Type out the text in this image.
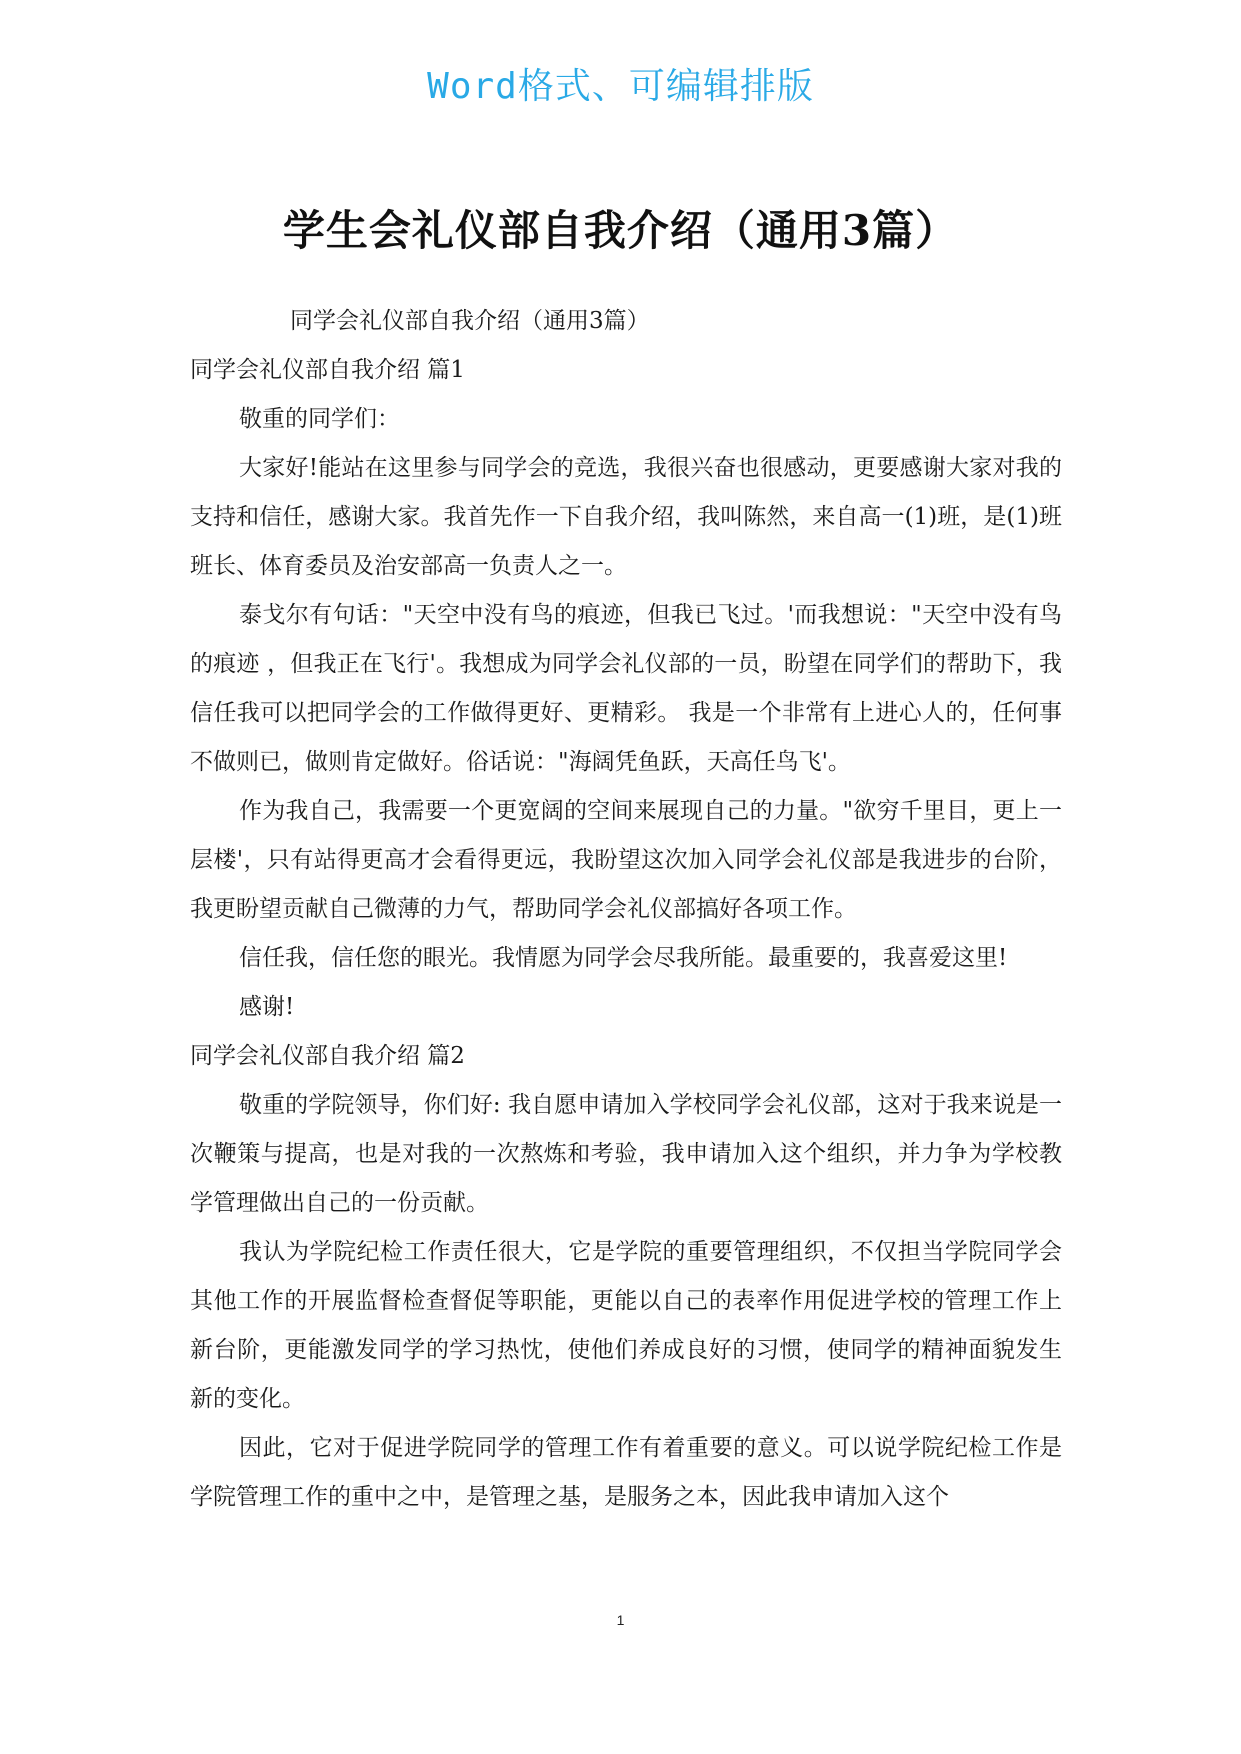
Word格式、可编辑排版
学生会礼仪部自我介绍（通用3篇）

同学会礼仪部自我介绍（通用3篇）

同学会礼仪部自我介绍 篇1

敬重的同学们：

大家好!能站在这里参与同学会的竞选，我很兴奋也很感动，更要感谢大家对我的支持和信任，感谢大家。我首先作一下自我介绍，我叫陈然，来自高一(1)班，是(1)班班长、体育委员及治安部高一负责人之一。

泰戈尔有句话："天空中没有鸟的痕迹，但我已飞过。'而我想说："天空中没有鸟的痕迹 ，但我正在飞行'。我想成为同学会礼仪部的一员，盼望在同学们的帮助下，我信任我可以把同学会的工作做得更好、更精彩。 我是一个非常有上进心人的，任何事不做则已，做则肯定做好。俗话说："海阔凭鱼跃，天高任鸟飞'。

作为我自己，我需要一个更宽阔的空间来展现自己的力量。"欲穷千里目，更上一层楼'，只有站得更高才会看得更远，我盼望这次加入同学会礼仪部是我进步的台阶，我更盼望贡献自己微薄的力气，帮助同学会礼仪部搞好各项工作。

信任我，信任您的眼光。我情愿为同学会尽我所能。最重要的，我喜爱这里!

感谢!

同学会礼仪部自我介绍 篇2

敬重的学院领导，你们好: 我自愿申请加入学校同学会礼仪部，这对于我来说是一次鞭策与提高，也是对我的一次熬炼和考验，我申请加入这个组织，并力争为学校教学管理做出自己的一份贡献。

我认为学院纪检工作责任很大，它是学院的重要管理组织，不仅担当学院同学会其他工作的开展监督检查督促等职能，更能以自己的表率作用促进学校的管理工作上新台阶，更能激发同学的学习热忱，使他们养成良好的习惯，使同学的精神面貌发生新的变化。

因此，它对于促进学院同学的管理工作有着重要的意义。可以说学院纪检工作是学院管理工作的重中之中，是管理之基，是服务之本，因此我申请加入这个

1
